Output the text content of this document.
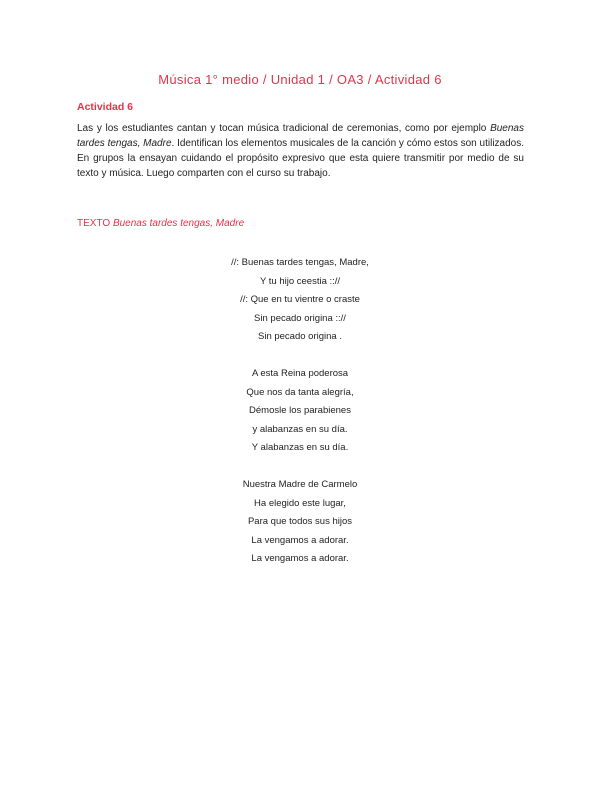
Música 1° medio / Unidad 1 / OA3 / Actividad 6
Actividad 6

Las y los estudiantes cantan y tocan música tradicional de ceremonias, como por ejemplo Buenas tardes tengas, Madre. Identifican los elementos musicales de la canción y cómo estos son utilizados. En grupos la ensayan cuidando el propósito expresivo que esta quiere transmitir por medio de su texto y música. Luego comparten con el curso su trabajo.

TEXTO Buenas tardes tengas, Madre
//: Buenas tardes tengas, Madre,
Y tu hijo ceestia :://
//: Que en tu vientre o craste
Sin pecado origina :://
Sin pecado origina .
A esta Reina poderosa
Que nos da tanta alegría,
Démosle los parabienes
y alabanzas en su día.
Y alabanzas en su día.
Nuestra Madre de Carmelo
Ha elegido este lugar,
Para que todos sus hijos
La vengamos a adorar.
La vengamos a adorar.
